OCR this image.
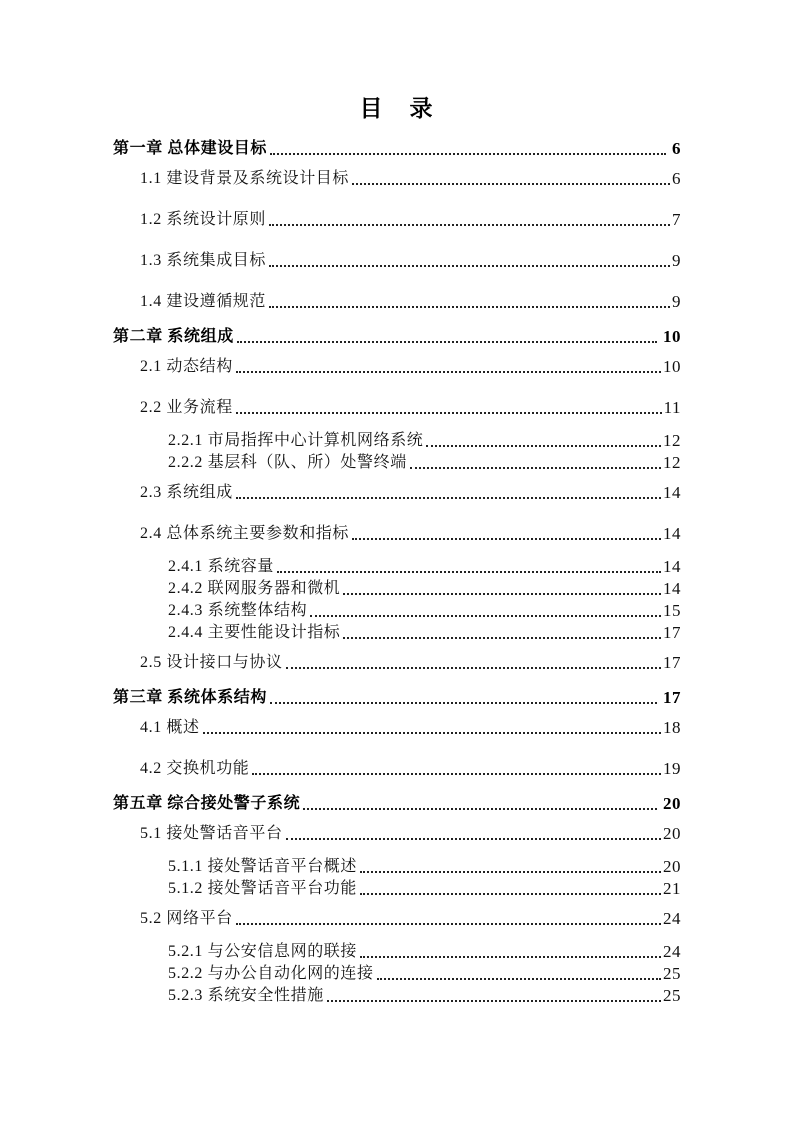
目　录
第一章 总体建设目标	6
1.1 建设背景及系统设计目标	6
1.2 系统设计原则	7
1.3 系统集成目标	9
1.4 建设遵循规范	9
第二章 系统组成	10
2.1 动态结构	10
2.2 业务流程	11
2.2.1 市局指挥中心计算机网络系统	12
2.2.2 基层科（队、所）处警终端	12
2.3 系统组成	14
2.4 总体系统主要参数和指标	14
2.4.1 系统容量	14
2.4.2 联网服务器和微机	14
2.4.3 系统整体结构	15
2.4.4 主要性能设计指标	17
2.5 设计接口与协议	17
第三章 系统体系结构	17
4.1 概述	18
4.2 交换机功能	19
第五章 综合接处警子系统	20
5.1 接处警话音平台	20
5.1.1 接处警话音平台概述	20
5.1.2 接处警话音平台功能	21
5.2 网络平台	24
5.2.1 与公安信息网的联接	24
5.2.2 与办公自动化网的连接	25
5.2.3 系统安全性措施	25
